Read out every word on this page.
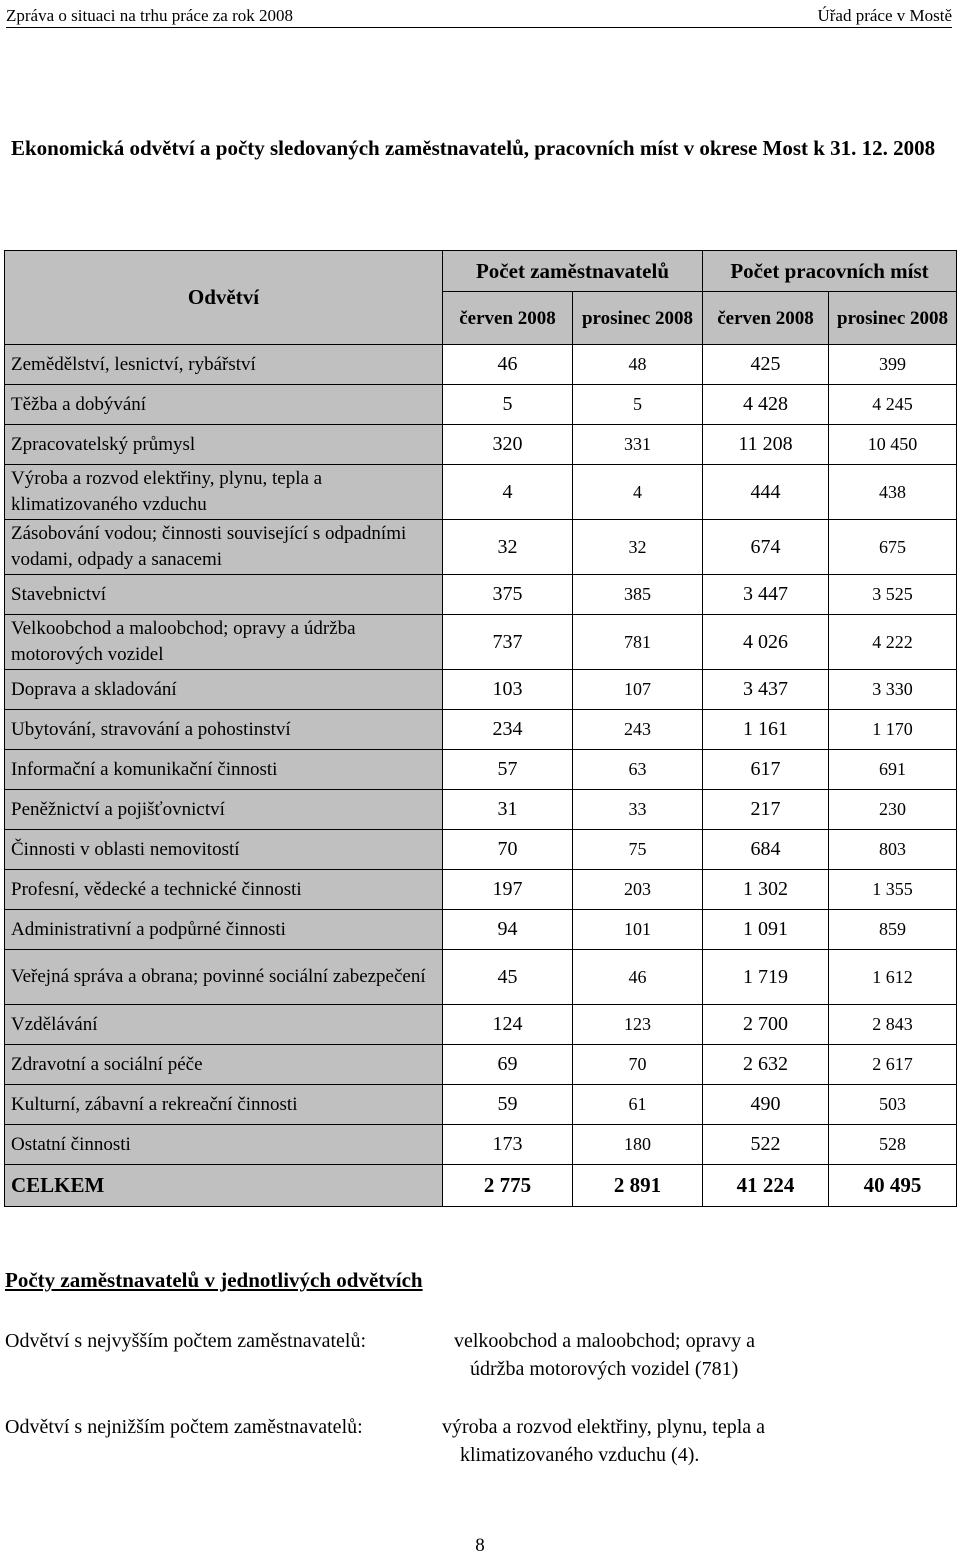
Zpráva o situaci na trhu práce za rok 2008	Úřad práce v Mostě
Ekonomická odvětví a počty sledovaných zaměstnavatelů, pracovních míst v okrese Most k 31. 12. 2008
Odvětví	Počet zaměstnavatelů		Počet pracovních míst	
	červen 2008	prosinec 2008	červen 2008	prosinec 2008
Zemědělství, lesnictví, rybářství	46	48	425	399
Těžba a dobývání	5	5	4 428	4 245
Zpracovatelský průmysl	320	331	11 208	10 450
Výroba a rozvod elektřiny, plynu, tepla a klimatizovaného vzduchu	4	4	444	438
Zásobování vodou; činnosti související s odpadními vodami, odpady a sanacemi	32	32	674	675
Stavebnictví	375	385	3 447	3 525
Velkoobchod a maloobchod; opravy a údržba motorových vozidel	737	781	4 026	4 222
Doprava a skladování	103	107	3 437	3 330
Ubytování, stravování a pohostinství	234	243	1 161	1 170
Informační a komunikační činnosti	57	63	617	691
Peněžnictví a pojišťovnictví	31	33	217	230
Činnosti v oblasti nemovitostí	70	75	684	803
Profesní, vědecké a technické činnosti	197	203	1 302	1 355
Administrativní a podpůrné činnosti	94	101	1 091	859
Veřejná správa a obrana; povinné sociální zabezpečení	45	46	1 719	1 612
Vzdělávání	124	123	2 700	2 843
Zdravotní a sociální péče	69	70	2 632	2 617
Kulturní, zábavní a rekreační činnosti	59	61	490	503
Ostatní činnosti	173	180	522	528
CELKEM	2 775	2 891	41 224	40 495
Počty zaměstnavatelů v jednotlivých odvětvích
Odvětví s nejvyšším počtem zaměstnavatelů:	velkoobchod a maloobchod; opravy a
údržba motorových vozidel (781)
Odvětví s nejnižším počtem zaměstnavatelů:	výroba a rozvod elektřiny, plynu, tepla a
klimatizovaného vzduchu (4).
8
